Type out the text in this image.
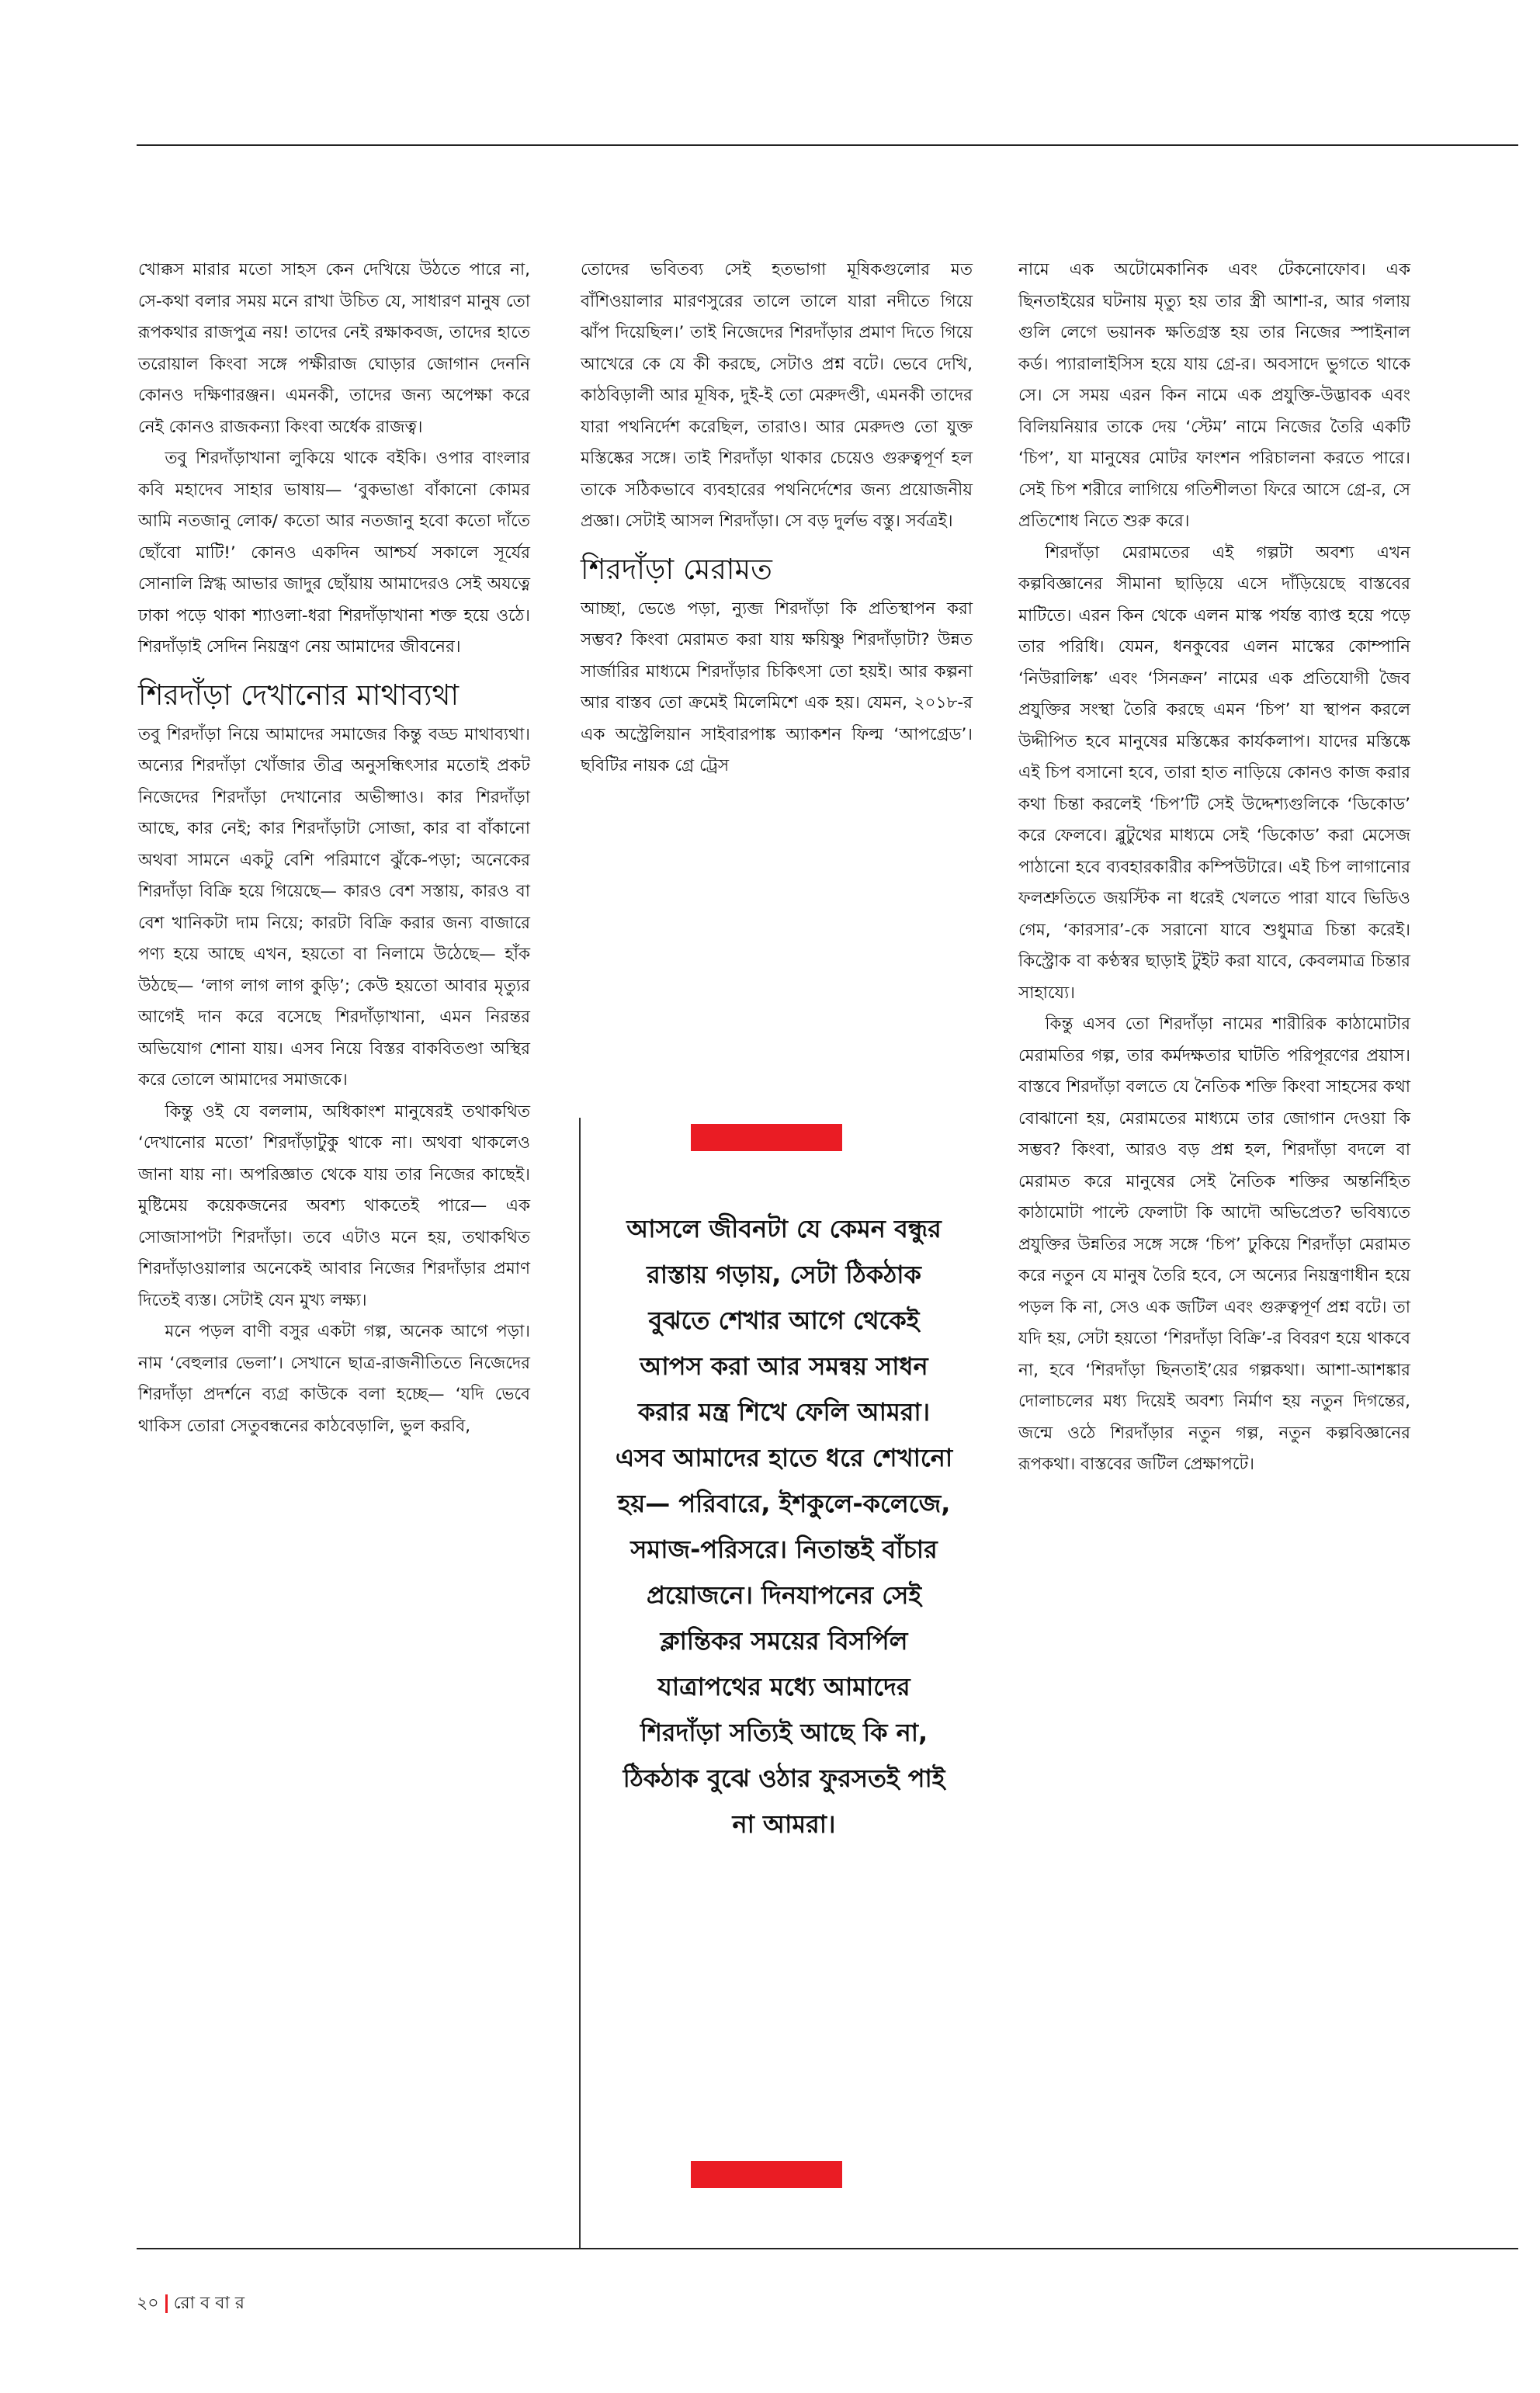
খোক্কস মারার মতো সাহস কেন দেখিয়ে উঠতে পারে না, সে-কথা বলার সময় মনে রাখা উচিত যে, সাধারণ মানুষ তো রূপকথার রাজপুত্র নয়! তাদের নেই রক্ষাকবজ, তাদের হাতে তরোয়াল কিংবা সঙ্গে পক্ষীরাজ ঘোড়ার জোগান দেননি কোনও দক্ষিণারঞ্জন। এমনকী, তাদের জন্য অপেক্ষা করে নেই কোনও রাজকন্যা কিংবা অর্ধেক রাজত্ব।

তবু শিরদাঁড়াখানা লুকিয়ে থাকে বইকি। ওপার বাংলার কবি মহাদেব সাহার ভাষায়— ‘বুকভাঙা বাঁকানো কোমর আমি নতজানু লোক/ কতো আর নতজানু হবো কতো দাঁতে ছোঁবো মাটি!’ কোনও একদিন আশ্চর্য সকালে সূর্যের সোনালি স্নিগ্ধ আভার জাদুর ছোঁয়ায় আমাদেরও সেই অযত্নে ঢাকা পড়ে থাকা শ্যাওলা-ধরা শিরদাঁড়াখানা শক্ত হয়ে ওঠে। শিরদাঁড়াই সেদিন নিয়ন্ত্রণ নেয় আমাদের জীবনের।

শিরদাঁড়া দেখানোর মাথাব্যথা

তবু শিরদাঁড়া নিয়ে আমাদের সমাজের কিন্তু বড্ড মাথাব্যথা। অন্যের শিরদাঁড়া খোঁজার তীব্র অনুসন্ধিৎসার মতোই প্রকট নিজেদের শিরদাঁড়া দেখানোর অভীপ্সাও। কার শিরদাঁড়া আছে, কার নেই; কার শিরদাঁড়াটা সোজা, কার বা বাঁকানো অথবা সামনে একটু বেশি পরিমাণে ঝুঁকে-পড়া; অনেকের শিরদাঁড়া বিক্রি হয়ে গিয়েছে— কারও বেশ সস্তায়, কারও বা বেশ খানিকটা দাম নিয়ে; কারটা বিক্রি করার জন্য বাজারে পণ্য হয়ে আছে এখন, হয়তো বা নিলামে উঠেছে— হাঁক উঠছে— ‘লাগ লাগ লাগ কুড়ি’; কেউ হয়তো আবার মৃত্যুর আগেই দান করে বসেছে শিরদাঁড়াখানা, এমন নিরন্তর অভিযোগ শোনা যায়। এসব নিয়ে বিস্তর বাকবিতণ্ডা অস্থির করে তোলে আমাদের সমাজকে।

কিন্তু ওই যে বললাম, অধিকাংশ মানুষেরই তথাকথিত ‘দেখানোর মতো’ শিরদাঁড়াটুকু থাকে না। অথবা থাকলেও জানা যায় না। অপরিজ্ঞাত থেকে যায় তার নিজের কাছেই। মুষ্টিমেয় কয়েকজনের অবশ্য থাকতেই পারে— এক সোজাসাপটা শিরদাঁড়া। তবে এটাও মনে হয়, তথাকথিত শিরদাঁড়াওয়ালার অনেকেই আবার নিজের শিরদাঁড়ার প্রমাণ দিতেই ব্যস্ত। সেটাই যেন মুখ্য লক্ষ্য।

মনে পড়ল বাণী বসুর একটা গল্প, অনেক আগে পড়া। নাম ‘বেহুলার ভেলা’। সেখানে ছাত্র-রাজনীতিতে নিজেদের শিরদাঁড়া প্রদর্শনে ব্যগ্র কাউকে বলা হচ্ছে— ‘যদি ভেবে থাকিস তোরা সেতুবন্ধনের কাঠবেড়ালি, ভুল করবি,

তোদের ভবিতব্য সেই হতভাগা মূষিকগুলোর মত বাঁশিওয়ালার মারণসুরের তালে তালে যারা নদীতে গিয়ে ঝাঁপ দিয়েছিল।’ তাই নিজেদের শিরদাঁড়ার প্রমাণ দিতে গিয়ে আখেরে কে যে কী করছে, সেটাও প্রশ্ন বটে। ভেবে দেখি, কাঠবিড়ালী আর মূষিক, দুই-ই তো মেরুদণ্ডী, এমনকী তাদের যারা পথনির্দেশ করেছিল, তারাও। আর মেরুদণ্ড তো যুক্ত মস্তিষ্কের সঙ্গে। তাই শিরদাঁড়া থাকার চেয়েও গুরুত্বপূর্ণ হল তাকে সঠিকভাবে ব্যবহারের পথনির্দেশের জন্য প্রয়োজনীয় প্রজ্ঞা। সেটাই আসল শিরদাঁড়া। সে বড় দুর্লভ বস্তু। সর্বত্রই।

শিরদাঁড়া মেরামত

আচ্ছা, ভেঙে পড়া, ন্যুব্জ শিরদাঁড়া কি প্রতিস্থাপন করা সম্ভব? কিংবা মেরামত করা যায় ক্ষয়িষ্ণু শিরদাঁড়াটা? উন্নত সার্জারির মাধ্যমে শিরদাঁড়ার চিকিৎসা তো হয়ই। আর কল্পনা আর বাস্তব তো ক্রমেই মিলেমিশে এক হয়। যেমন, ২০১৮-র এক অস্ট্রেলিয়ান সাইবারপাঙ্ক অ্যাকশন ফিল্ম ‘আপগ্রেড’। ছবিটির নায়ক গ্রে ট্রেস

আসলে জীবনটা যে কেমন বন্ধুর রাস্তায় গড়ায়, সেটা ঠিকঠাক বুঝতে শেখার আগে থেকেই আপস করা আর সমন্বয় সাধন করার মন্ত্র শিখে ফেলি আমরা। এসব আমাদের হাতে ধরে শেখানো হয়— পরিবারে, ইশকুলে-কলেজে, সমাজ-পরিসরে। নিতান্তই বাঁচার প্রয়োজনে। দিনযাপনের সেই ক্লান্তিকর সময়ের বিসর্পিল যাত্রাপথের মধ্যে আমাদের শিরদাঁড়া সত্যিই আছে কি না, ঠিকঠাক বুঝে ওঠার ফুরসতই পাই না আমরা।

নামে এক অটোমেকানিক এবং টেকনোফোব। এক ছিনতাইয়ের ঘটনায় মৃত্যু হয় তার স্ত্রী আশা-র, আর গলায় গুলি লেগে ভয়ানক ক্ষতিগ্রস্ত হয় তার নিজের স্পাইনাল কর্ড। প্যারালাইসিস হয়ে যায় গ্রে-র। অবসাদে ভুগতে থাকে সে। সে সময় এরন কিন নামে এক প্রযুক্তি-উদ্ভাবক এবং বিলিয়নিয়ার তাকে দেয় ‘স্টেম’ নামে নিজের তৈরি একটি ‘চিপ’, যা মানুষের মোটর ফাংশন পরিচালনা করতে পারে। সেই চিপ শরীরে লাগিয়ে গতিশীলতা ফিরে আসে গ্রে-র, সে প্রতিশোধ নিতে শুরু করে।

শিরদাঁড়া মেরামতের এই গল্পটা অবশ্য এখন কল্পবিজ্ঞানের সীমানা ছাড়িয়ে এসে দাঁড়িয়েছে বাস্তবের মাটিতে। এরন কিন থেকে এলন মাস্ক পর্যন্ত ব্যাপ্ত হয়ে পড়ে তার পরিধি। যেমন, ধনকুবের এলন মাস্কের কোম্পানি ‘নিউরালিঙ্ক’ এবং ‘সিনক্রন’ নামের এক প্রতিযোগী জৈব প্রযুক্তির সংস্থা তৈরি করছে এমন ‘চিপ’ যা স্থাপন করলে উদ্দীপিত হবে মানুষের মস্তিষ্কের কার্যকলাপ। যাদের মস্তিষ্কে এই চিপ বসানো হবে, তারা হাত নাড়িয়ে কোনও কাজ করার কথা চিন্তা করলেই ‘চিপ’টি সেই উদ্দেশ্যগুলিকে ‘ডিকোড’ করে ফেলবে। ব্লুটুথের মাধ্যমে সেই ‘ডিকোড’ করা মেসেজ পাঠানো হবে ব্যবহারকারীর কম্পিউটারে। এই চিপ লাগানোর ফলশ্রুতিতে জয়স্টিক না ধরেই খেলতে পারা যাবে ভিডিও গেম, ‘কারসার’-কে সরানো যাবে শুধুমাত্র চিন্তা করেই। কিস্ট্রোক বা কণ্ঠস্বর ছাড়াই টুইট করা যাবে, কেবলমাত্র চিন্তার সাহায্যে।

কিন্তু এসব তো শিরদাঁড়া নামের শারীরিক কাঠামোটার মেরামতির গল্প, তার কর্মদক্ষতার ঘাটতি পরিপূরণের প্রয়াস। বাস্তবে শিরদাঁড়া বলতে যে নৈতিক শক্তি কিংবা সাহসের কথা বোঝানো হয়, মেরামতের মাধ্যমে তার জোগান দেওয়া কি সম্ভব? কিংবা, আরও বড় প্রশ্ন হল, শিরদাঁড়া বদলে বা মেরামত করে মানুষের সেই নৈতিক শক্তির অন্তর্নিহিত কাঠামোটা পাল্টে ফেলাটা কি আদৌ অভিপ্রেত? ভবিষ্যতে প্রযুক্তির উন্নতির সঙ্গে সঙ্গে ‘চিপ’ ঢুকিয়ে শিরদাঁড়া মেরামত করে নতুন যে মানুষ তৈরি হবে, সে অন্যের নিয়ন্ত্রণাধীন হয়ে পড়ল কি না, সেও এক জটিল এবং গুরুত্বপূর্ণ প্রশ্ন বটে। তা যদি হয়, সেটা হয়তো ‘শিরদাঁড়া বিক্রি’-র বিবরণ হয়ে থাকবে না, হবে ‘শিরদাঁড়া ছিনতাই’য়ের গল্পকথা। আশা-আশঙ্কার দোলাচলের মধ্য দিয়েই অবশ্য নির্মাণ হয় নতুন দিগন্তের, জন্মে ওঠে শিরদাঁড়ার নতুন গল্প, নতুন কল্পবিজ্ঞানের রূপকথা। বাস্তবের জটিল প্রেক্ষাপটে।

২০ রো ব বা র
